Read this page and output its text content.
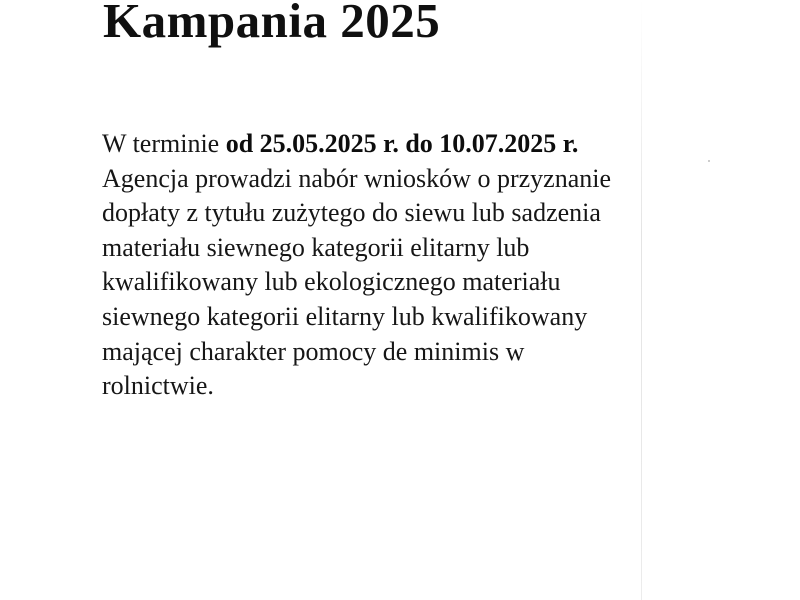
Kampania 2025

W terminie od 25.05.2025 r. do 10.07.2025 r.
Agencja prowadzi nabór wniosków o przyznanie
dopłaty z tytułu zużytego do siewu lub sadzenia
materiału siewnego kategorii elitarny lub
kwalifikowany lub ekologicznego materiału
siewnego kategorii elitarny lub kwalifikowany
mającej charakter pomocy de minimis w
rolnictwie.
